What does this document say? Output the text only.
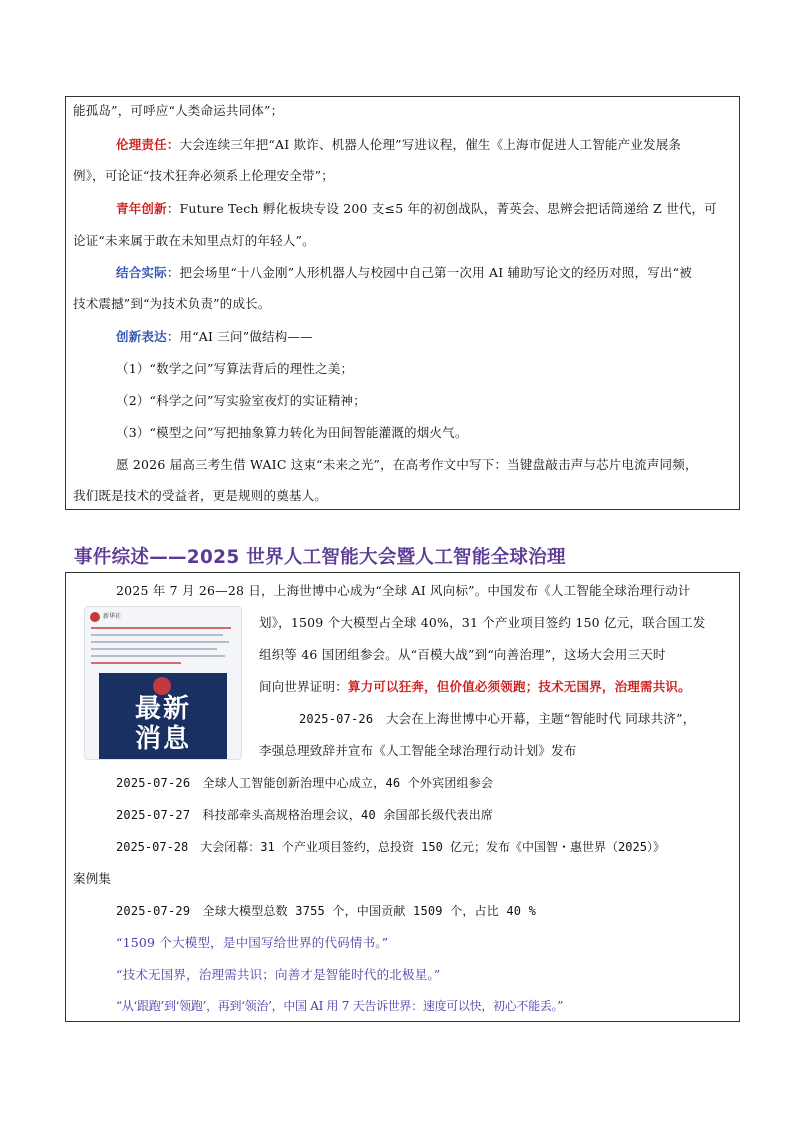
能孤岛”，可呼应“人类命运共同体”；
伦理责任：大会连续三年把“AI 欺诈、机器人伦理”写进议程，催生《上海市促进人工智能产业发展条
例》，可论证“技术狂奔必须系上伦理安全带”；
青年创新：Future Tech 孵化板块专设 200 支≤5 年的初创战队，菁英会、思辨会把话筒递给 Z 世代，可
论证“未来属于敢在未知里点灯的年轻人”。
结合实际：把会场里“十八金刚”人形机器人与校园中自己第一次用 AI 辅助写论文的经历对照，写出“被
技术震撼”到“为技术负责”的成长。
创新表达：用“AI 三问”做结构——
（1）“数学之问”写算法背后的理性之美；
（2）“科学之问”写实验室夜灯的实证精神；
（3）“模型之问”写把抽象算力转化为田间智能灌溉的烟火气。
愿 2026 届高三考生借 WAIC 这束“未来之光”，在高考作文中写下：当键盘敲击声与芯片电流声同频，
我们既是技术的受益者，更是规则的奠基人。
事件综述——2025 世界人工智能大会暨人工智能全球治理
2025 年 7 月 26—28 日，上海世博中心成为“全球 AI 风向标”。中国发布《人工智能全球治理行动计
划》，1509 个大模型占全球 40%，31 个产业项目签约 150 亿元，联合国工发
组织等 46 国团组参会。从“百模大战”到“向善治理”，这场大会用三天时
间向世界证明：算力可以狂奔，但价值必须领跑；技术无国界，治理需共识。
2025-07-26　 大会在上海世博中心开幕，主题“智能时代 同球共济”，
李强总理致辞并宣布《人工智能全球治理行动计划》发布
2025-07-26　全球人工智能创新治理中心成立，46 个外宾团组参会
2025-07-27　科技部牵头高规格治理会议，40 余国部长级代表出席
2025-07-28　大会闭幕：31 个产业项目签约，总投资 150 亿元；发布《中国智・惠世界（2025）》
案例集
2025-07-29　全球大模型总数 3755 个，中国贡献 1509 个，占比 40 %
“1509 个大模型，是中国写给世界的代码情书。”
“技术无国界，治理需共识；向善才是智能时代的北极星。”
“从‘跟跑’到‘领跑’，再到‘领治’，中国 AI 用 7 天告诉世界：速度可以快，初心不能丢。”
新华社
最新
消息
